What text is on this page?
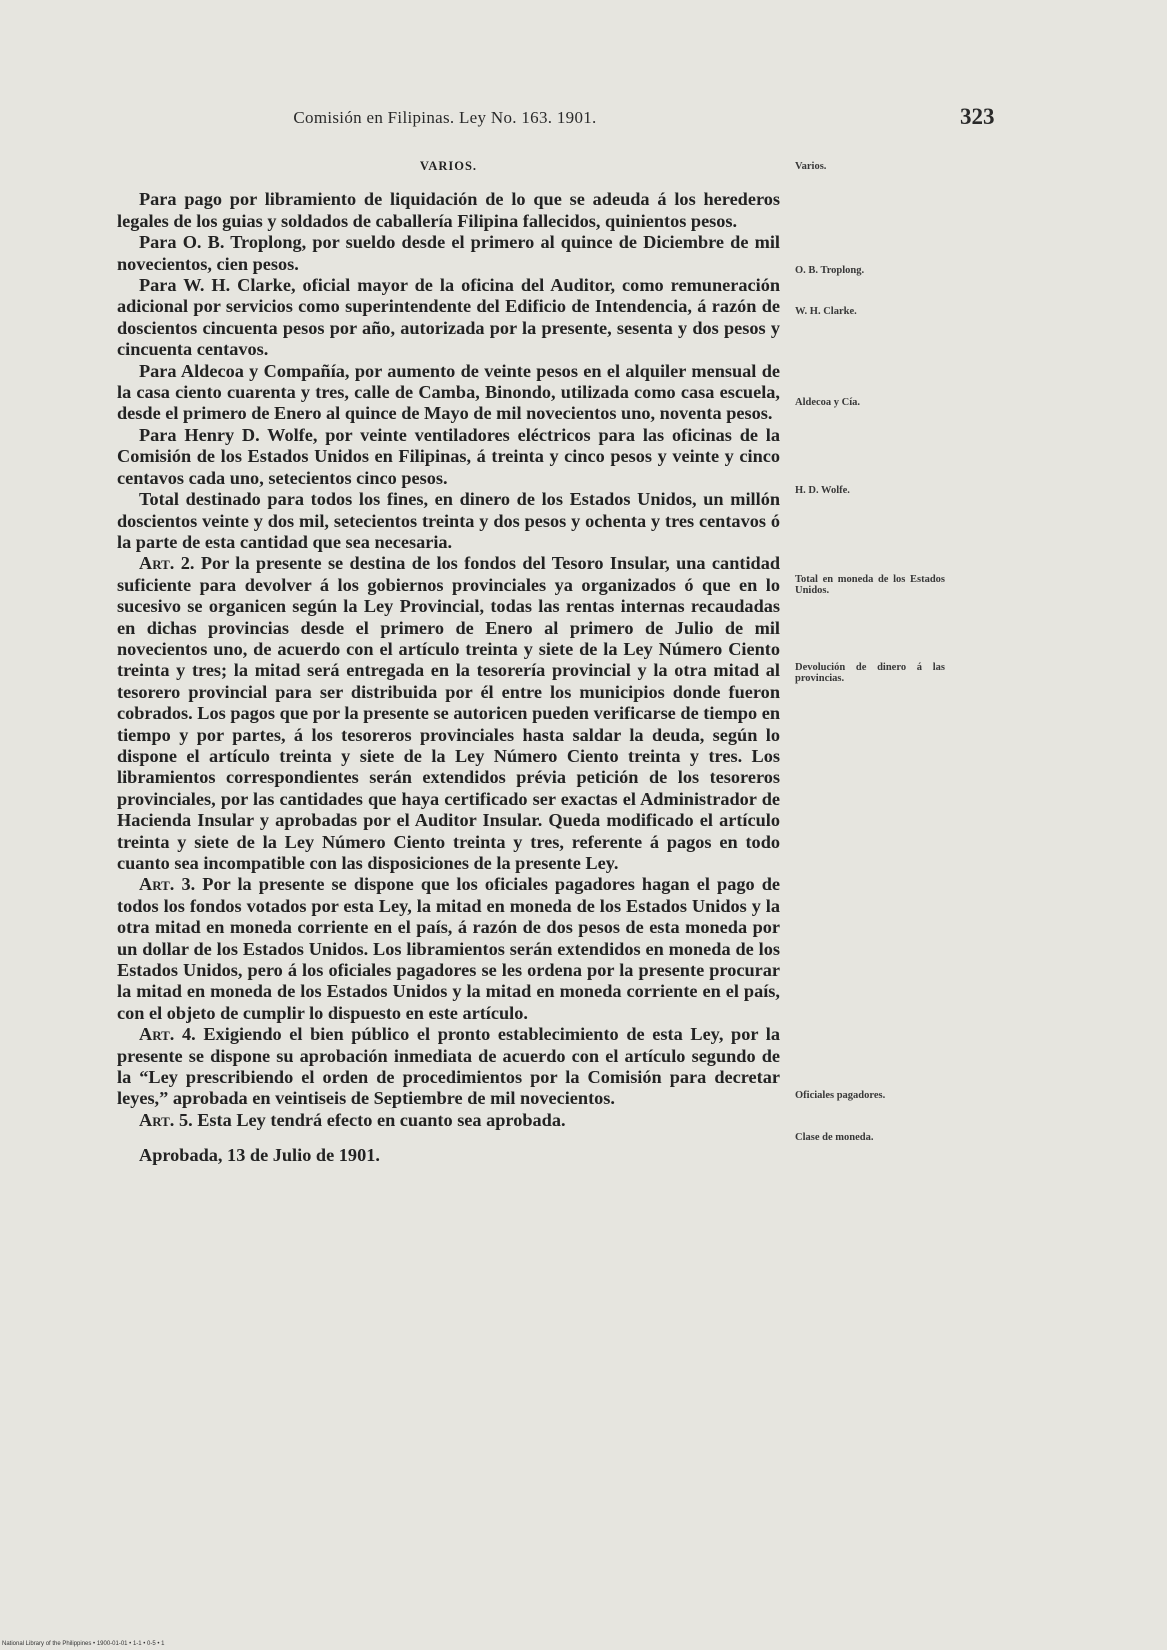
Comisión en Filipinas. Ley No. 163. 1901.	323
VARIOS.

Para pago por libramiento de liquidación de lo que se adeuda á los herederos legales de los guias y soldados de caballería Filipina fallecidos, quinientos pesos.

Para O. B. Troplong, por sueldo desde el primero al quince de Diciembre de mil novecientos, cien pesos.

Para W. H. Clarke, oficial mayor de la oficina del Auditor, como remuneración adicional por servicios como superintendente del Edificio de Intendencia, á razón de doscientos cincuenta pesos por año, autorizada por la presente, sesenta y dos pesos y cincuenta centavos.

Para Aldecoa y Compañía, por aumento de veinte pesos en el alquiler mensual de la casa ciento cuarenta y tres, calle de Camba, Binondo, utilizada como casa escuela, desde el primero de Enero al quince de Mayo de mil novecientos uno, noventa pesos.

Para Henry D. Wolfe, por veinte ventiladores eléctricos para las oficinas de la Comisión de los Estados Unidos en Filipinas, á treinta y cinco pesos y veinte y cinco centavos cada uno, setecientos cinco pesos.

Total destinado para todos los fines, en dinero de los Estados Unidos, un millón doscientos veinte y dos mil, setecientos treinta y dos pesos y ochenta y tres centavos ó la parte de esta cantidad que sea necesaria.

Art. 2. Por la presente se destina de los fondos del Tesoro Insular, una cantidad suficiente para devolver á los gobiernos provinciales ya organizados ó que en lo sucesivo se organicen según la Ley Provincial, todas las rentas internas recaudadas en dichas provincias desde el primero de Enero al primero de Julio de mil novecientos uno, de acuerdo con el artículo treinta y siete de la Ley Número Ciento treinta y tres; la mitad será entregada en la tesorería provincial y la otra mitad al tesorero provincial para ser distribuida por él entre los municipios donde fueron cobrados. Los pagos que por la presente se autoricen pueden verificarse de tiempo en tiempo y por partes, á los tesoreros provinciales hasta saldar la deuda, según lo dispone el artículo treinta y siete de la Ley Número Ciento treinta y tres. Los libramientos correspondientes serán extendidos prévia petición de los tesoreros provinciales, por las cantidades que haya certificado ser exactas el Administrador de Hacienda Insular y aprobadas por el Auditor Insular. Queda modificado el artículo treinta y siete de la Ley Número Ciento treinta y tres, referente á pagos en todo cuanto sea incompatible con las disposiciones de la presente Ley.

Art. 3. Por la presente se dispone que los oficiales pagadores hagan el pago de todos los fondos votados por esta Ley, la mitad en moneda de los Estados Unidos y la otra mitad en moneda corriente en el país, á razón de dos pesos de esta moneda por un dollar de los Estados Unidos. Los libramientos serán extendidos en moneda de los Estados Unidos, pero á los oficiales pagadores se les ordena por la presente procurar la mitad en moneda de los Estados Unidos y la mitad en moneda corriente en el país, con el objeto de cumplir lo dispuesto en este artículo.

Art. 4. Exigiendo el bien público el pronto establecimiento de esta Ley, por la presente se dispone su aprobación inmediata de acuerdo con el artículo segundo de la “Ley prescribiendo el orden de procedimientos por la Comisión para decretar leyes,” aprobada en veintiseis de Septiembre de mil novecientos.

Art. 5. Esta Ley tendrá efecto en cuanto sea aprobada.

Aprobada, 13 de Julio de 1901.

Varios.
O. B. Troplong.
W. H. Clarke.
Aldecoa y Cía.
H. D. Wolfe.
Total en moneda de los Estados Unidos.
Devolución de dinero á las provincias.
Oficiales pagadores.
Clase de moneda.
National Library of the Philippines • 1900-01-01 • 1-1 • 0-5 • 1
